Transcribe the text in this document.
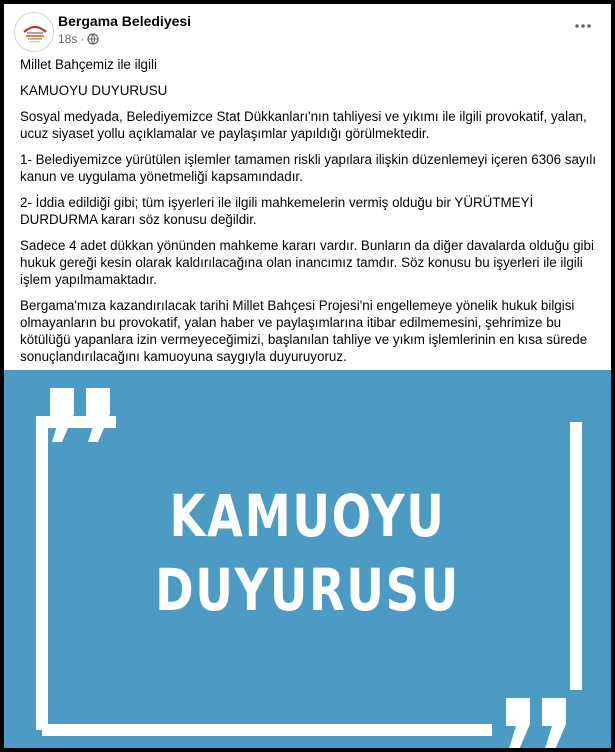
Bergama Belediyesi
18s ·

Millet Bahçemiz ile ilgili

KAMUOYU DUYURUSU

Sosyal medyada, Belediyemizce Stat Dükkanları'nın tahliyesi ve yıkımı ile ilgili provokatif, yalan, ucuz siyaset yollu açıklamalar ve paylaşımlar yapıldığı görülmektedir.

1- Belediyemizce yürütülen işlemler tamamen riskli yapılara ilişkin düzenlemeyi içeren 6306 sayılı kanun ve uygulama yönetmeliği kapsamındadır.

2- İddia edildiği gibi; tüm işyerleri ile ilgili mahkemelerin vermiş olduğu bir YÜRÜTMEYİ DURDURMA kararı söz konusu değildir.

Sadece 4 adet dükkan yönünden mahkeme kararı vardır. Bunların da diğer davalarda olduğu gibi hukuk gereği kesin olarak kaldırılacağına olan inancımız tamdır. Söz konusu bu işyerleri ile ilgili işlem yapılmamaktadır.

Bergama'mıza kazandırılacak tarihi Millet Bahçesi Projesi'ni engellemeye yönelik hukuk bilgisi olmayanların bu provokatif, yalan haber ve paylaşımlarına itibar edilmemesini, şehrimize bu kötülüğü yapanlara izin vermeyeceğimizi, başlanılan tahliye ve yıkım işlemlerinin en kısa sürede sonuçlandırılacağını kamuoyuna saygıyla duyuruyoruz.

KAMUOYU
DUYURUSU
